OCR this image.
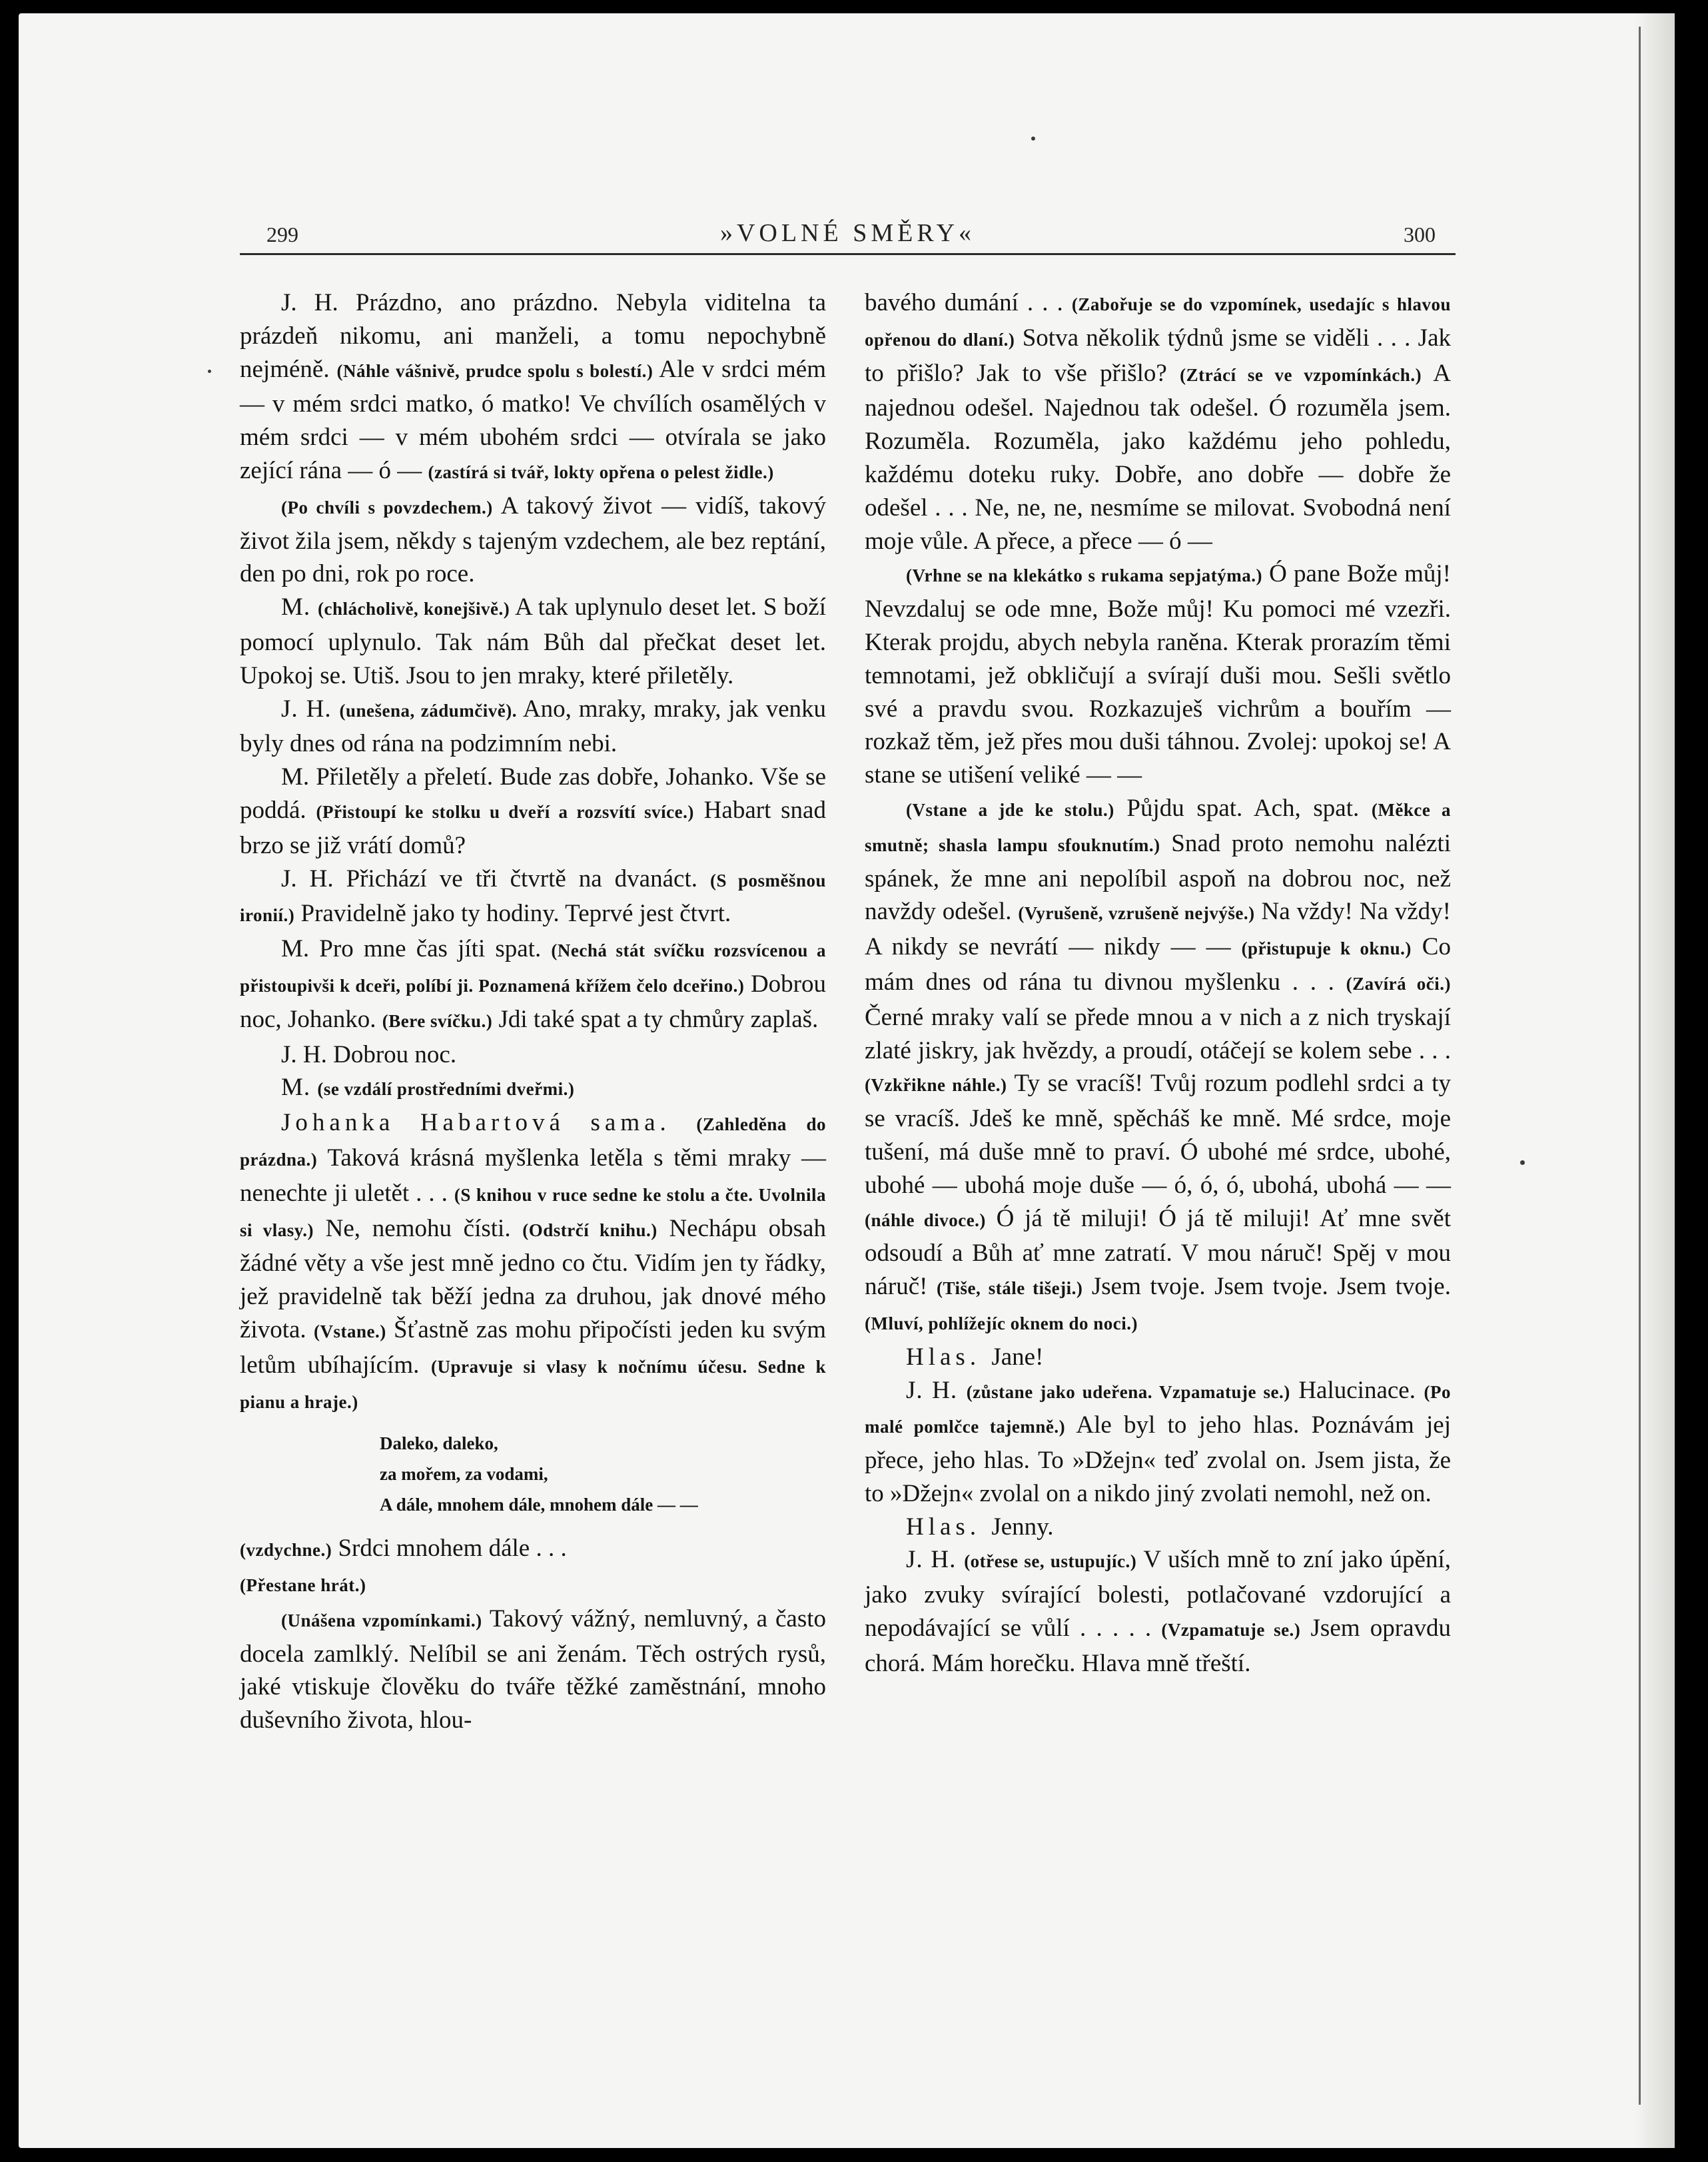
299	»VOLNÉ SMĚRY«	300

J. H. Prázdno, ano prázdno. Nebyla viditelna ta prázdeň nikomu, ani manželi, a tomu nepochybně nejméně. (Náhle vášnivě, prudce spolu s bolestí.) Ale v srdci mém — v mém srdci matko, ó matko! Ve chvílích osamělých v mém srdci — v mém ubohém srdci — otvírala se jako zející rána — ó — (zastírá si tvář, lokty opřena o pelest židle.)

(Po chvíli s povzdechem.) A takový život — vidíš, takový život žila jsem, někdy s tajeným vzdechem, ale bez reptání, den po dni, rok po roce.

M. (chlácholivě, konejšivě.) A tak uplynulo deset let. S boží pomocí uplynulo. Tak nám Bůh dal přečkat deset let. Upokoj se. Utiš. Jsou to jen mraky, které přiletěly.

J. H. (unešena, zádumčivě). Ano, mraky, mraky, jak venku byly dnes od rána na podzimním nebi.

M. Přiletěly a přeletí. Bude zas dobře, Johanko. Vše se poddá. (Přistoupí ke stolku u dveří a rozsvítí svíce.) Habart snad brzo se již vrátí domů?

J. H. Přichází ve tři čtvrtě na dvanáct. (S posměšnou ironií.) Pravidelně jako ty hodiny. Teprvé jest čtvrt.

M. Pro mne čas jíti spat. (Nechá stát svíčku rozsvícenou a přistoupivši k dceři, políbí ji. Poznamená křížem čelo dceřino.) Dobrou noc, Johanko. (Bere svíčku.) Jdi také spat a ty chmůry zaplaš.

J. H. Dobrou noc.

M. (se vzdálí prostředními dveřmi.)

Johanka Habartová sama. (Zahleděna do prázdna.) Taková krásná myšlenka letěla s těmi mraky — nenechte ji uletět . . . (S knihou v ruce sedne ke stolu a čte. Uvolnila si vlasy.) Ne, nemohu čísti. (Odstrčí knihu.) Nechápu obsah žádné věty a vše jest mně jedno co čtu. Vidím jen ty řádky, jež pravidelně tak běží jedna za druhou, jak dnové mého života. (Vstane.) Šťastně zas mohu připočísti jeden ku svým letům ubíhajícím. (Upravuje si vlasy k nočnímu účesu. Sedne k pianu a hraje.)

Daleko, daleko,
za mořem, za vodami,
A dále, mnohem dále, mnohem dále — —

(vzdychne.) Srdci mnohem dále . . .

(Přestane hrát.)

(Unášena vzpomínkami.) Takový vážný, nemluvný, a často docela zamlklý. Nelíbil se ani ženám. Těch ostrých rysů, jaké vtiskuje člověku do tváře těžké zaměstnání, mnoho duševního života, hlou-

bavého dumání . . . (Zabořuje se do vzpomínek, usedajíc s hlavou opřenou do dlaní.) Sotva několik týdnů jsme se viděli . . . Jak to přišlo? Jak to vše přišlo? (Ztrácí se ve vzpomínkách.) A najednou odešel. Najednou tak odešel. Ó rozuměla jsem. Rozuměla. Rozuměla, jako každému jeho pohledu, každému doteku ruky. Dobře, ano dobře — dobře že odešel . . . Ne, ne, ne, nesmíme se milovat. Svobodná není moje vůle. A přece, a přece — ó —

(Vrhne se na klekátko s rukama sepjatýma.) Ó pane Bože můj! Nevzdaluj se ode mne, Bože můj! Ku pomoci mé vzezři. Kterak projdu, abych nebyla raněna. Kterak prorazím těmi temnotami, jež obkličují a svírají duši mou. Sešli světlo své a pravdu svou. Rozkazuješ vichrům a bouřím — rozkaž těm, jež přes mou duši táhnou. Zvolej: upokoj se! A stane se utišení veliké — —

(Vstane a jde ke stolu.) Půjdu spat. Ach, spat. (Měkce a smutně; shasla lampu sfouknutím.) Snad proto nemohu nalézti spánek, že mne ani nepolíbil aspoň na dobrou noc, než navždy odešel. (Vyrušeně, vzrušeně nejvýše.) Na vždy! Na vždy! A nikdy se nevrátí — nikdy — — (přistupuje k oknu.) Co mám dnes od rána tu divnou myšlenku . . . (Zavírá oči.) Černé mraky valí se přede mnou a v nich a z nich tryskají zlaté jiskry, jak hvězdy, a proudí, otáčejí se kolem sebe . . . (Vzkřikne náhle.) Ty se vracíš! Tvůj rozum podlehl srdci a ty se vracíš. Jdeš ke mně, spěcháš ke mně. Mé srdce, moje tušení, má duše mně to praví. Ó ubohé mé srdce, ubohé, ubohé — ubohá moje duše — ó, ó, ó, ubohá, ubohá — — (náhle divoce.) Ó já tě miluji! Ó já tě miluji! Ať mne svět odsoudí a Bůh ať mne zatratí. V mou náruč! Spěj v mou náruč! (Tiše, stále tišeji.) Jsem tvoje. Jsem tvoje. Jsem tvoje. (Mluví, pohlížejíc oknem do noci.)

Hlas. Jane!

J. H. (zůstane jako udeřena. Vzpamatuje se.) Halucinace. (Po malé pomlčce tajemně.) Ale byl to jeho hlas. Poznávám jej přece, jeho hlas. To »Džejn« teď zvolal on. Jsem jista, že to »Džejn« zvolal on a nikdo jiný zvolati nemohl, než on.

Hlas. Jenny.

J. H. (otřese se, ustupujíc.) V uších mně to zní jako úpění, jako zvuky svírající bolesti, potlačované vzdorující a nepodávající se vůlí . . . . . (Vzpamatuje se.) Jsem opravdu chorá. Mám horečku. Hlava mně třeští.
